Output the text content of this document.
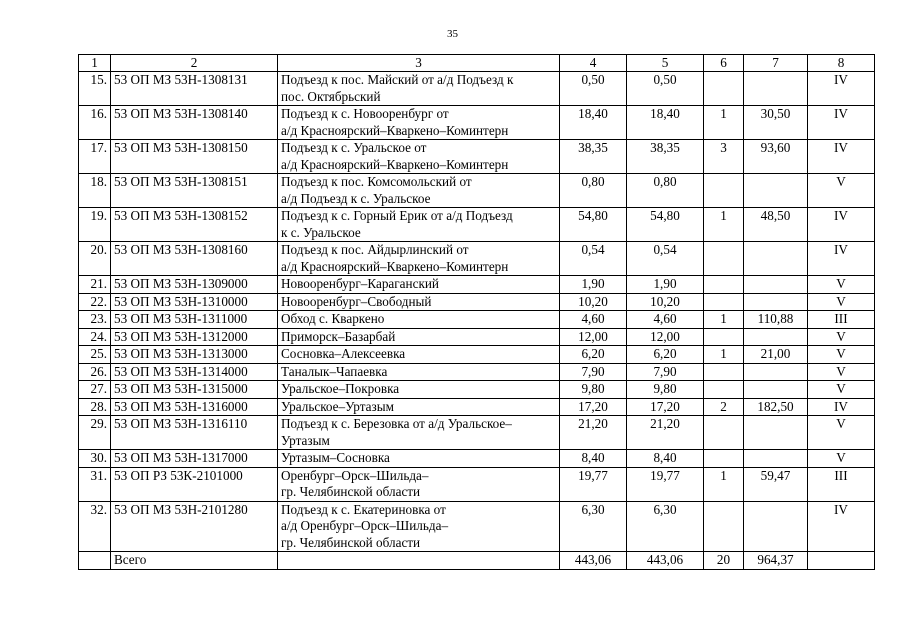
35
1	2	3	4	5	6	7	8
15.	53 ОП МЗ 53Н-1308131	Подъезд к пос. Майский от а/д Подъезд к
пос. Октябрьский	0,50	0,50			IV
16.	53 ОП МЗ 53Н-1308140	Подъезд к с. Новооренбург от
а/д Красноярский–Кваркено–Коминтерн	18,40	18,40	1	30,50	IV
17.	53 ОП МЗ 53Н-1308150	Подъезд к с. Уральское от
а/д Красноярский–Кваркено–Коминтерн	38,35	38,35	3	93,60	IV
18.	53 ОП МЗ 53Н-1308151	Подъезд к пос. Комсомольский от
а/д Подъезд к с. Уральское	0,80	0,80			V
19.	53 ОП МЗ 53Н-1308152	Подъезд к с. Горный Ерик от а/д Подъезд
к с. Уральское	54,80	54,80	1	48,50	IV
20.	53 ОП МЗ 53Н-1308160	Подъезд к пос. Айдырлинский от
а/д Красноярский–Кваркено–Коминтерн	0,54	0,54			IV
21.	53 ОП МЗ 53Н-1309000	Новооренбург–Караганский	1,90	1,90			V
22.	53 ОП МЗ 53Н-1310000	Новооренбург–Свободный	10,20	10,20			V
23.	53 ОП МЗ 53Н-1311000	Обход с. Кваркено	4,60	4,60	1	110,88	III
24.	53 ОП МЗ 53Н-1312000	Приморск–Базарбай	12,00	12,00			V
25.	53 ОП МЗ 53Н-1313000	Сосновка–Алексеевка	6,20	6,20	1	21,00	V
26.	53 ОП МЗ 53Н-1314000	Таналык–Чапаевка	7,90	7,90			V
27.	53 ОП МЗ 53Н-1315000	Уральское–Покровка	9,80	9,80			V
28.	53 ОП МЗ 53Н-1316000	Уральское–Уртазым	17,20	17,20	2	182,50	IV
29.	53 ОП МЗ 53Н-1316110	Подъезд к с. Березовка от а/д Уральское–
Уртазым	21,20	21,20			V
30.	53 ОП МЗ 53Н-1317000	Уртазым–Сосновка	8,40	8,40			V
31.	53 ОП РЗ 53К-2101000	Оренбург–Орск–Шильда–
гр. Челябинской области	19,77	19,77	1	59,47	III
32.	53 ОП МЗ 53Н-2101280	Подъезд к с. Екатериновка от
а/д Оренбург–Орск–Шильда–
гр. Челябинской области	6,30	6,30			IV
	Всего		443,06	443,06	20	964,37	
